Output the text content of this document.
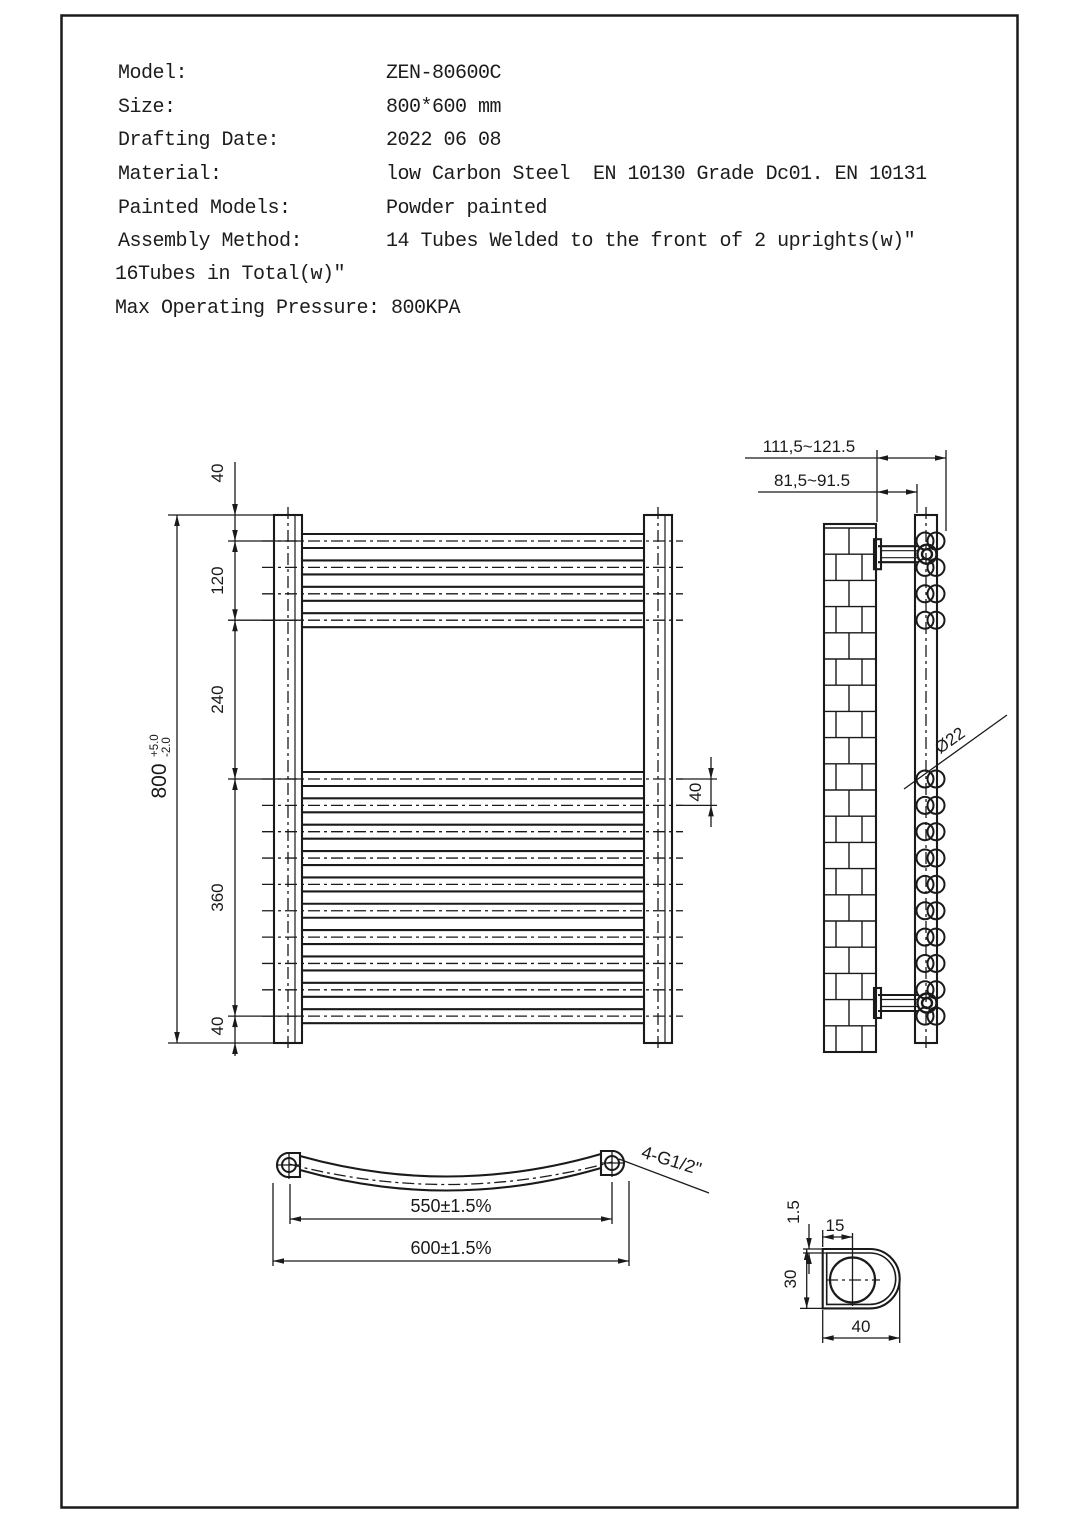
Model:	ZEN-80600C
Size:	800*600 mm
Drafting Date:	2022 06 08
Material:	low Carbon Steel  EN 10130 Grade Dc01. EN 10131
Painted Models:	Powder painted
Assembly Method:	14 Tubes Welded to the front of 2 uprights(w)"
16Tubes in Total(w)"
Max Operating Pressure: 800KPA
40
120
240
360
40
800
+5.0 -2.0
40
111,5~121.5
81,5~91.5
Ø22
550±1.5%
600±1.5%
4-G1/2"
15
1.5
30
40
